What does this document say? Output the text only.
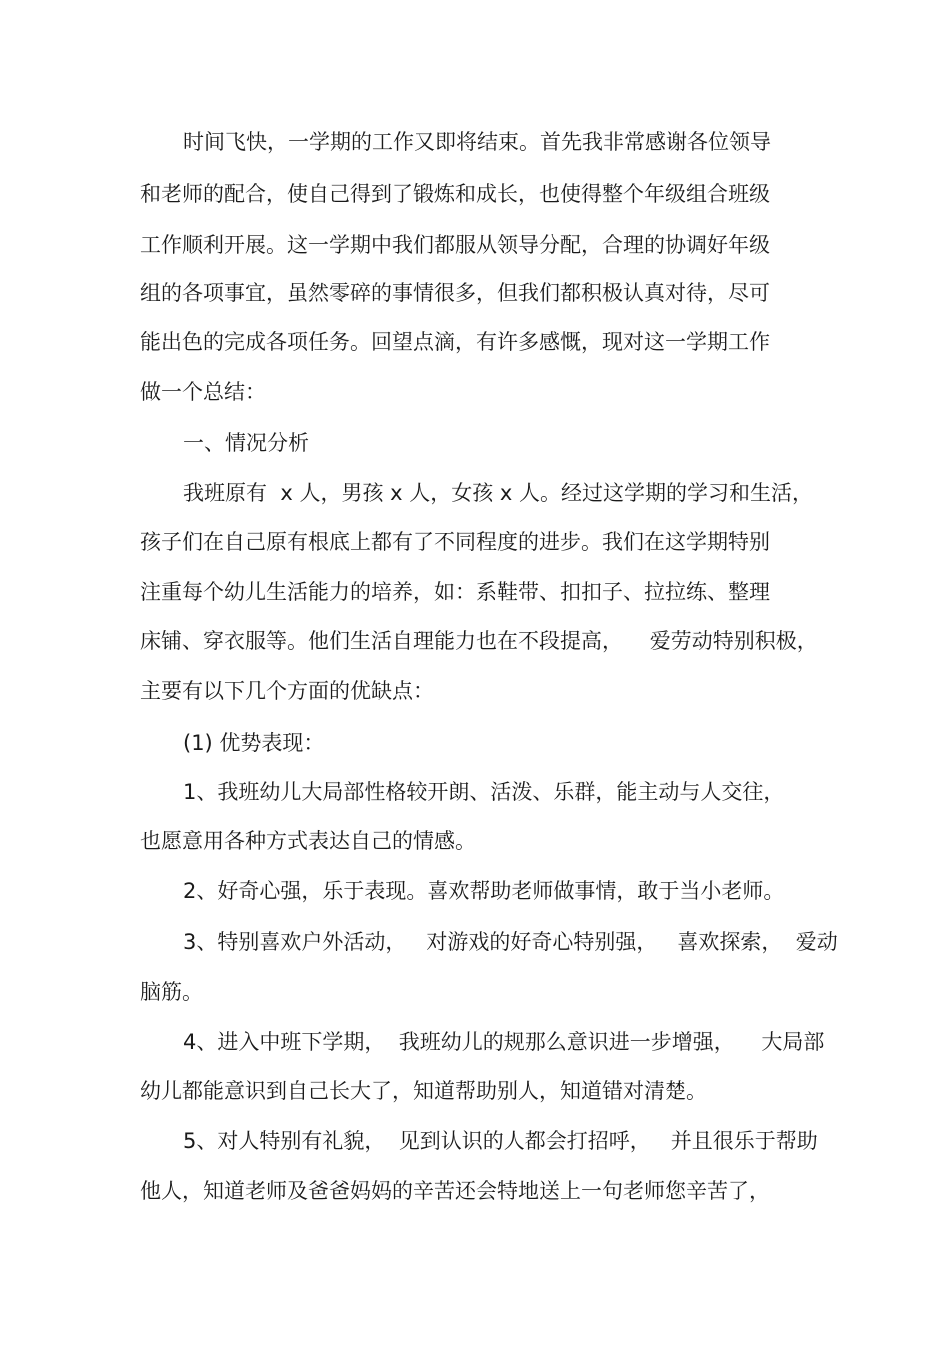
时间飞快，一学期的工作又即将结束。首先我非常感谢各位领导
和老师的配合，使自己得到了锻炼和成长，也使得整个年级组合班级
工作顺利开展。这一学期中我们都服从领导分配，合理的协调好年级
组的各项事宜，虽然零碎的事情很多，但我们都积极认真对待，尽可
能出色的完成各项任务。回望点滴，有许多感慨，现对这一学期工作
做一个总结：
一、情况分析
我班原有  x 人，男孩 x 人，女孩 x 人。经过这学期的学习和生活，
孩子们在自己原有根底上都有了不同程度的进步。我们在这学期特别
注重每个幼儿生活能力的培养，如：系鞋带、扣扣子、拉拉练、整理
床铺、穿衣服等。他们生活自理能力也在不段提高，    爱劳动特别积极，
主要有以下几个方面的优缺点：
(1) 优势表现：
1、我班幼儿大局部性格较开朗、活泼、乐群，能主动与人交往，
也愿意用各种方式表达自己的情感。
2、好奇心强，乐于表现。喜欢帮助老师做事情，敢于当小老师。
3、特别喜欢户外活动，   对游戏的好奇心特别强，   喜欢探索，  爱动
脑筋。
4、进入中班下学期，  我班幼儿的规那么意识进一步增强，    大局部
幼儿都能意识到自己长大了，知道帮助别人，知道错对清楚。
5、对人特别有礼貌，  见到认识的人都会打招呼，   并且很乐于帮助
他人，知道老师及爸爸妈妈的辛苦还会特地送上一句老师您辛苦了，
